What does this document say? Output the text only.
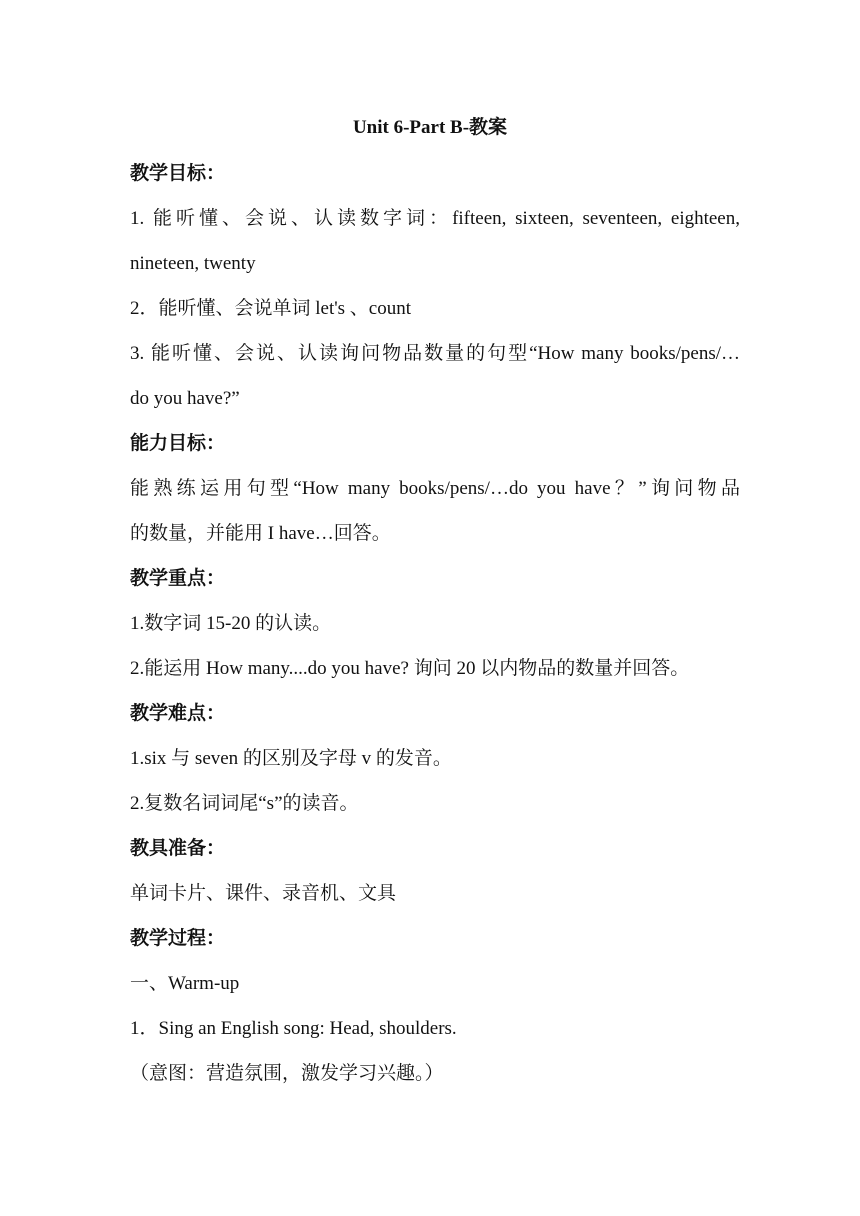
Unit 6-Part B-教案
教学目标：
1. 能听懂、会说、认读数字词：fifteen, sixteen, seventeen, eighteen,
nineteen, twenty
2．能听懂、会说单词 let's 、count
3. 能听懂、会说、认读询问物品数量的句型“How many books/pens/…
do you have?”
能力目标：
能熟练运用句型“How many books/pens/…do you have？”询问物品
的数量，并能用 I have…回答。
教学重点：
1.数字词 15-20 的认读。
2.能运用 How many....do you have? 询问 20 以内物品的数量并回答。
教学难点：
1.six 与 seven 的区别及字母 v 的发音。
2.复数名词词尾“s”的读音。
教具准备：
单词卡片、课件、录音机、文具
教学过程：
一、Warm-up
1．Sing an English song: Head, shoulders.
（意图：营造氛围，激发学习兴趣。）
